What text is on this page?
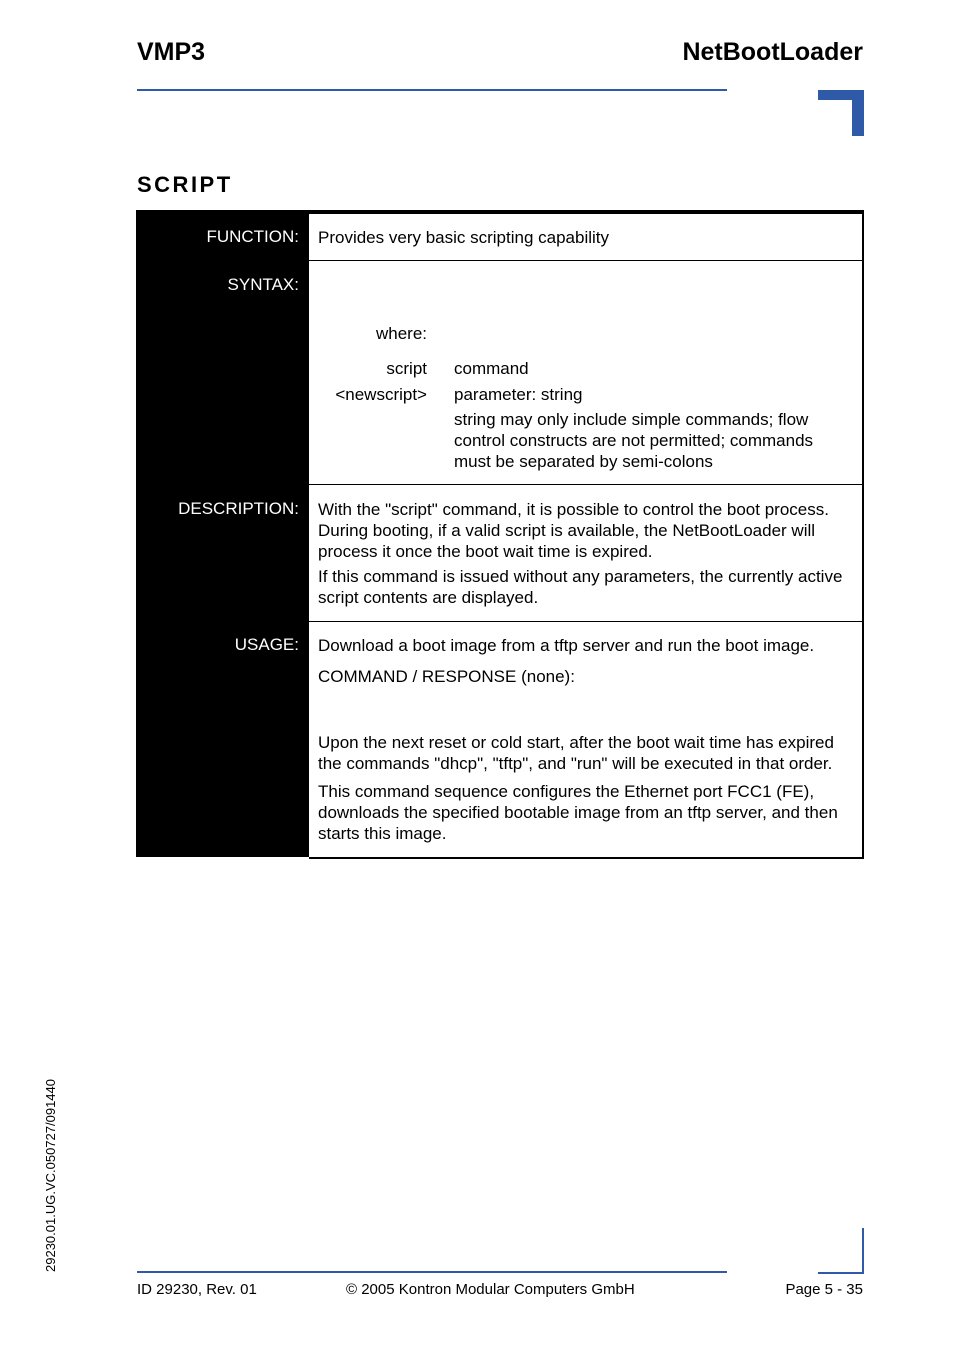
VMP3	NetBootLoader
SCRIPT
FUNCTION: Provides very basic scripting capability
SYNTAX:
where:
script command
<newscript> parameter: string
string may only include simple commands; flow control constructs are not permitted; commands must be separated by semi-colons
DESCRIPTION: With the "script" command, it is possible to control the boot process. During booting, if a valid script is available, the NetBootLoader will process it once the boot wait time is expired.
If this command is issued without any parameters, the currently active script contents are displayed.
USAGE: Download a boot image from a tftp server and run the boot image.
COMMAND / RESPONSE (none):
Upon the next reset or cold start, after the boot wait time has expired the commands "dhcp", "tftp", and "run" will be executed in that order.
This command sequence configures the Ethernet port FCC1 (FE), downloads the specified bootable image from an tftp server, and then starts this image.
29230.01.UG.VC.050727/091440
ID 29230, Rev. 01	© 2005 Kontron Modular Computers GmbH	Page 5 - 35
